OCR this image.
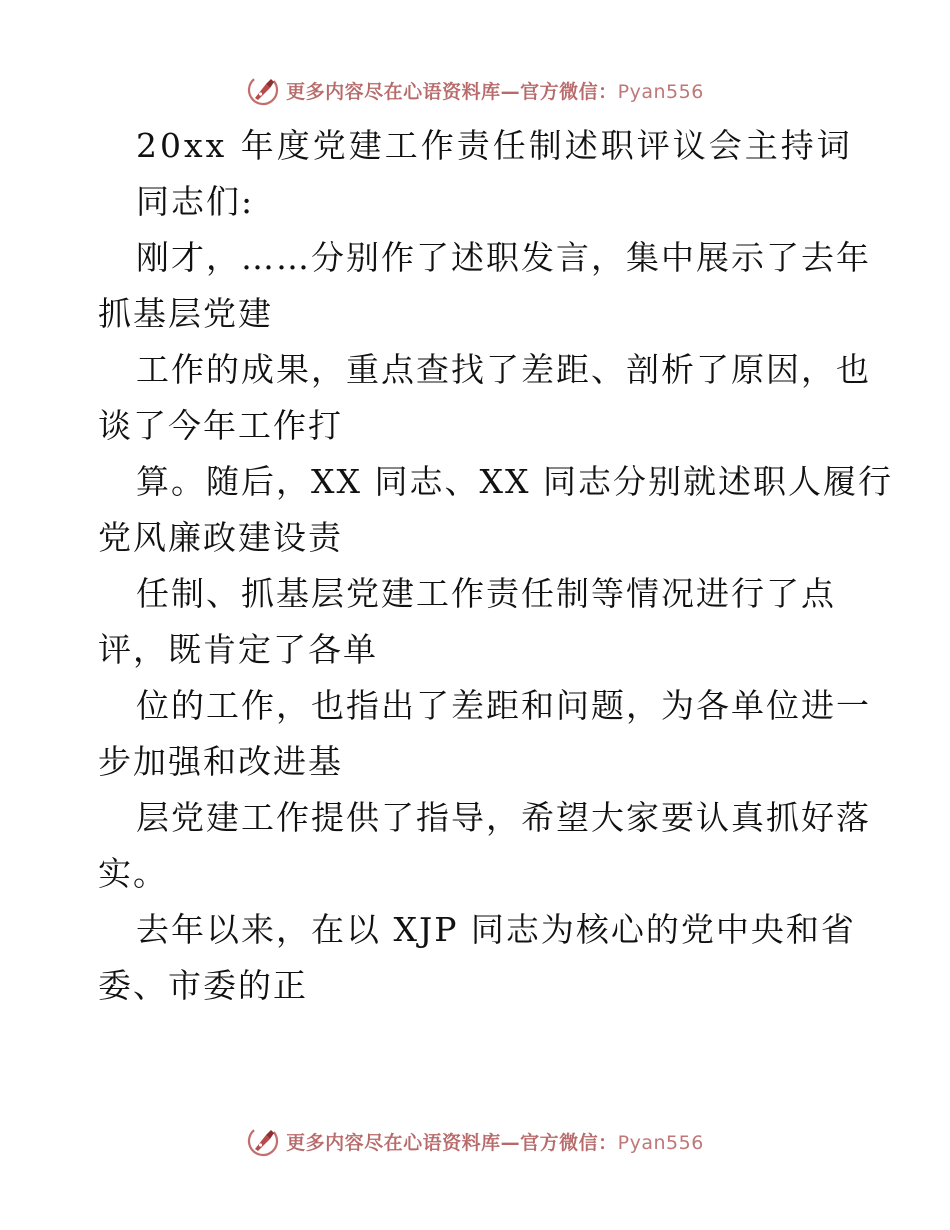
更多内容尽在心语资料库—官方微信：Pyan556
20xx 年度党建工作责任制述职评议会主持词
同志们:
刚才，……分别作了述职发言，集中展示了去年
抓基层党建
工作的成果，重点查找了差距、剖析了原因，也
谈了今年工作打
算。随后，XX 同志、XX 同志分别就述职人履行
党风廉政建设责
任制、抓基层党建工作责任制等情况进行了点
评，既肯定了各单
位的工作，也指出了差距和问题，为各单位进一
步加强和改进基
层党建工作提供了指导，希望大家要认真抓好落
实。
去年以来，在以 XJP 同志为核心的党中央和省
委、市委的正
更多内容尽在心语资料库—官方微信：Pyan556
